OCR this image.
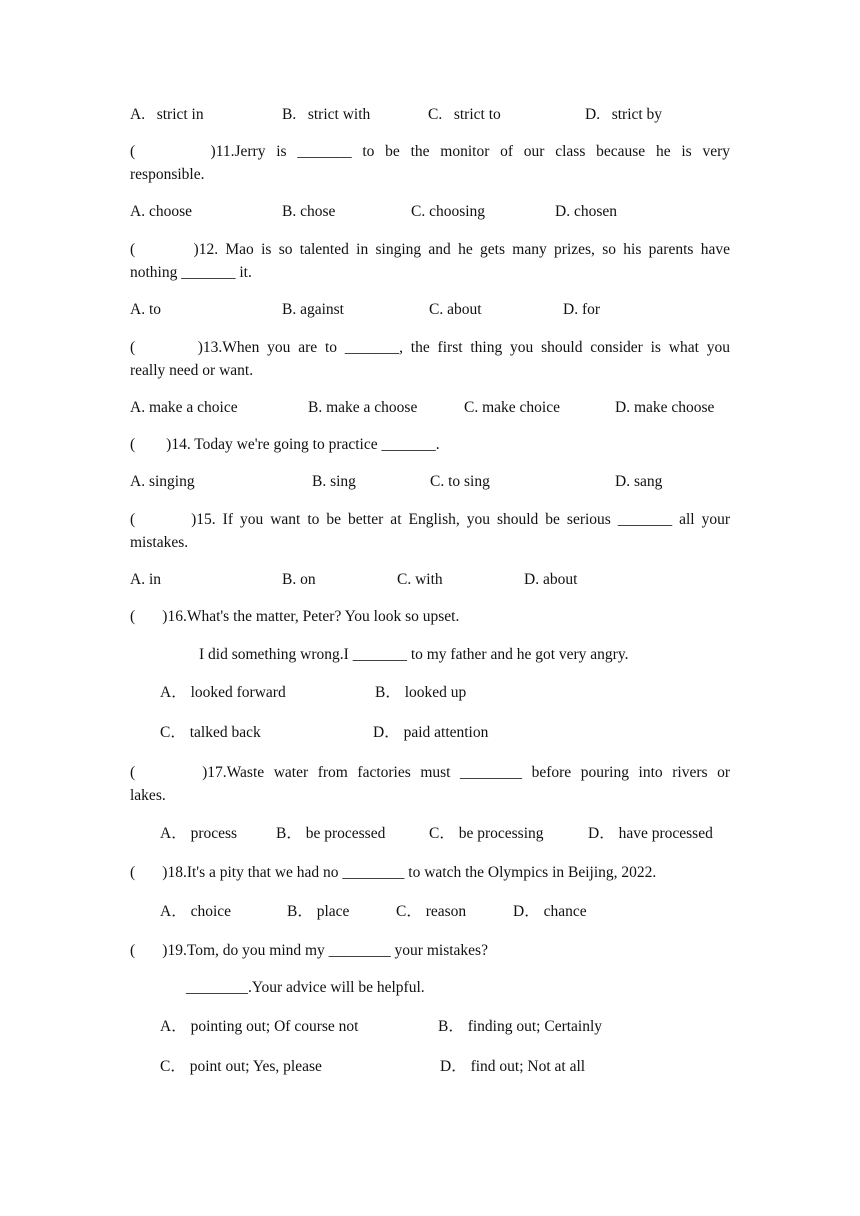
A.   strict in	B.   strict with	C.   strict to	D.   strict by
(       )11.Jerry is _______ to be the monitor of our class because he is very
responsible.
A. choose	B. chose	C. choosing	D. chosen
(        )12. Mao is so talented in singing and he gets many prizes, so his parents have
nothing _______ it.
A. to	B. against	C. about	D. for
(        )13.When you are to _______, the first thing you should consider is what you
really need or want.
A. make a choice	B. make a choose	C. make choice	D. make choose
(        )14. Today we're going to practice _______.
A. singing	B. sing	C. to sing	D. sang
(        )15. If you want to be better at English, you should be serious _______ all your
mistakes.
A. in	B. on	C. with	D. about
(       )16.What's the matter, Peter? You look so upset.
I did something wrong.I _______ to my father and he got very angry.
A． looked forward	B． looked up
C． talked back	D． paid attention
(       )17.Waste water from factories must ________ before pouring into rivers or
lakes.
A． process	B． be processed	C． be processing	D． have processed
(       )18.It's a pity that we had no ________ to watch the Olympics in Beijing, 2022.
A． choice	B． place	C． reason	D． chance
(       )19.Tom, do you mind my ________ your mistakes?
________.Your advice will be helpful.
A． pointing out; Of course not	B． finding out; Certainly
C． point out; Yes, please	D． find out; Not at all
